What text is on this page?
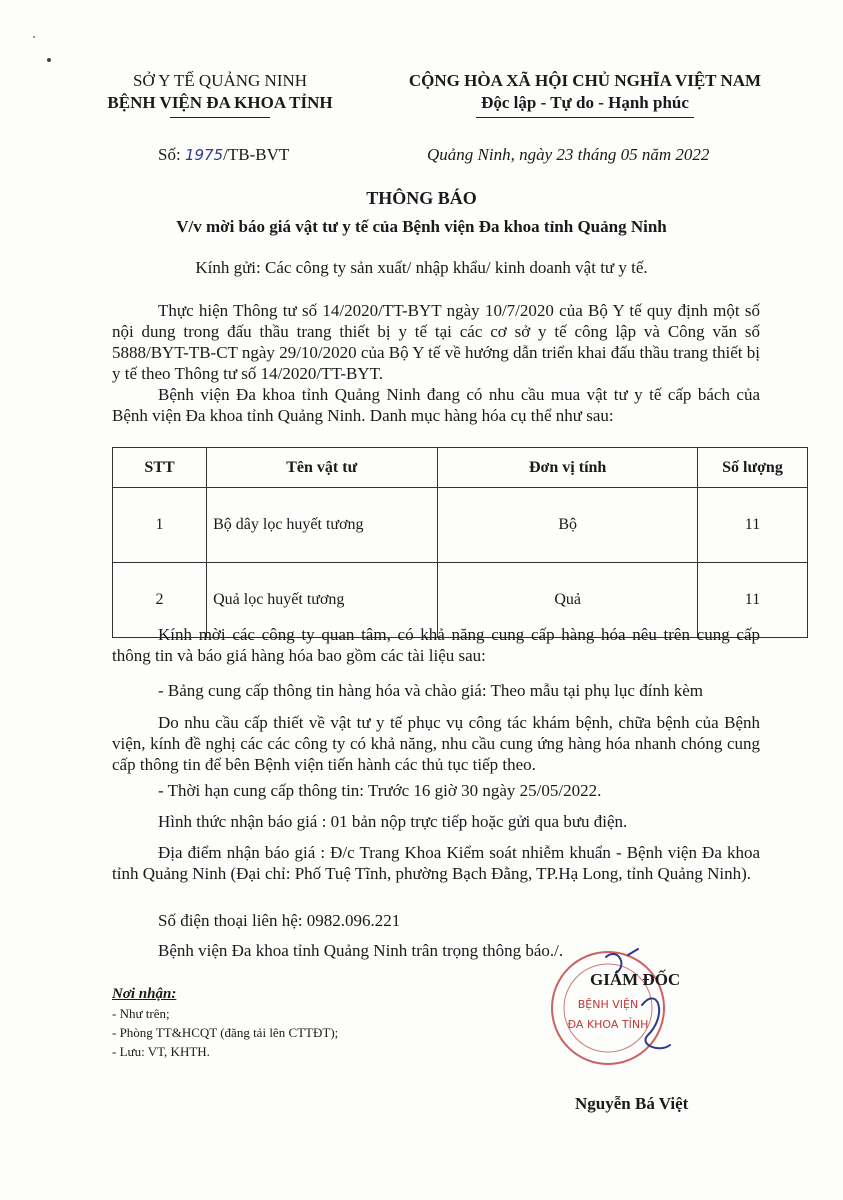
SỞ Y TẾ QUẢNG NINH
BỆNH VIỆN ĐA KHOA TỈNH
CỘNG HÒA XÃ HỘI CHỦ NGHĨA VIỆT NAM
Độc lập - Tự do - Hạnh phúc
Số: 1975/TB-BVT	Quảng Ninh, ngày 23 tháng 05 năm 2022
THÔNG BÁO
V/v mời báo giá vật tư y tế của Bệnh viện Đa khoa tỉnh Quảng Ninh
Kính gửi: Các công ty sản xuất/ nhập khẩu/ kinh doanh vật tư y tế.
Thực hiện Thông tư số 14/2020/TT-BYT ngày 10/7/2020 của Bộ Y tế quy định một số nội dung trong đấu thầu trang thiết bị y tế tại các cơ sở y tế công lập và Công văn số 5888/BYT-TB-CT ngày 29/10/2020 của Bộ Y tế về hướng dẫn triển khai đấu thầu trang thiết bị y tế theo Thông tư số 14/2020/TT-BYT.
Bệnh viện Đa khoa tỉnh Quảng Ninh đang có nhu cầu mua vật tư y tế cấp bách của Bệnh viện Đa khoa tỉnh Quảng Ninh. Danh mục hàng hóa cụ thể như sau:
STT	Tên vật tư	Đơn vị tính	Số lượng
1	Bộ dây lọc huyết tương	Bộ	11
2	Quả lọc huyết tương	Quả	11
Kính mời các công ty quan tâm, có khả năng cung cấp hàng hóa nêu trên cung cấp thông tin và báo giá hàng hóa bao gồm các tài liệu sau:
- Bảng cung cấp thông tin hàng hóa và chào giá: Theo mẫu tại phụ lục đính kèm
Do nhu cầu cấp thiết về vật tư y tế phục vụ công tác khám bệnh, chữa bệnh của Bệnh viện, kính đề nghị các các công ty có khả năng, nhu cầu cung ứng hàng hóa nhanh chóng cung cấp thông tin để bên Bệnh viện tiến hành các thủ tục tiếp theo.
- Thời hạn cung cấp thông tin: Trước 16 giờ 30 ngày 25/05/2022.
Hình thức nhận báo giá : 01 bản nộp trực tiếp hoặc gửi qua bưu điện.
Địa điểm nhận báo giá : Đ/c Trang Khoa Kiểm soát nhiễm khuẩn - Bệnh viện Đa khoa tỉnh Quảng Ninh (Đại chỉ: Phố Tuệ Tĩnh, phường Bạch Đằng, TP.Hạ Long, tỉnh Quảng Ninh).
Số điện thoại liên hệ: 0982.096.221
Bệnh viện Đa khoa tỉnh Quảng Ninh trân trọng thông báo./.
Nơi nhận:
- Như trên;
- Phòng TT&HCQT (đăng tải lên CTTĐT);
- Lưu: VT, KHTH.
BỆNH VIỆN
ĐA KHOA TỈNH
GIÁM ĐỐC
Nguyễn Bá Việt
